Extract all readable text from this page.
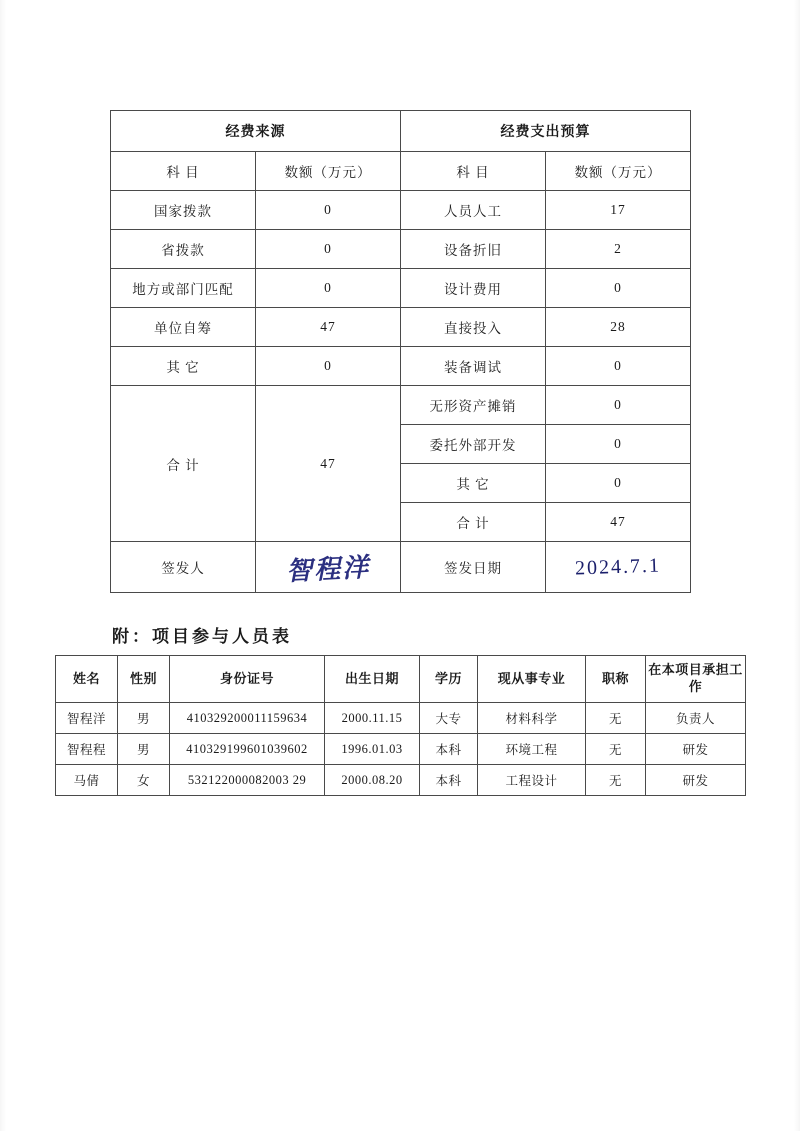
经费来源		经费支出预算	
科 目	数额（万元）	科 目	数额（万元）
国家拨款	0	人员人工	17
省拨款	0	设备折旧	2
地方或部门匹配	0	设计费用	0
单位自筹	47	直接投入	28
其 它	0	装备调试	0
合 计	47	无形资产摊销	0
		委托外部开发	0
		其 它	0
		合 计	47
签发人	智程洋	签发日期	2024.7.1
附：项目参与人员表
姓名	性别	身份证号	出生日期	学历	现从事专业	职称	在本项目承担工作
智程洋	男	410329200011159634	2000.11.15	大专	材料科学	无	负责人
智程程	男	410329199601039602	1996.01.03	本科	环境工程	无	研发
马倩	女	532122000082003 29	2000.08.20	本科	工程设计	无	研发
